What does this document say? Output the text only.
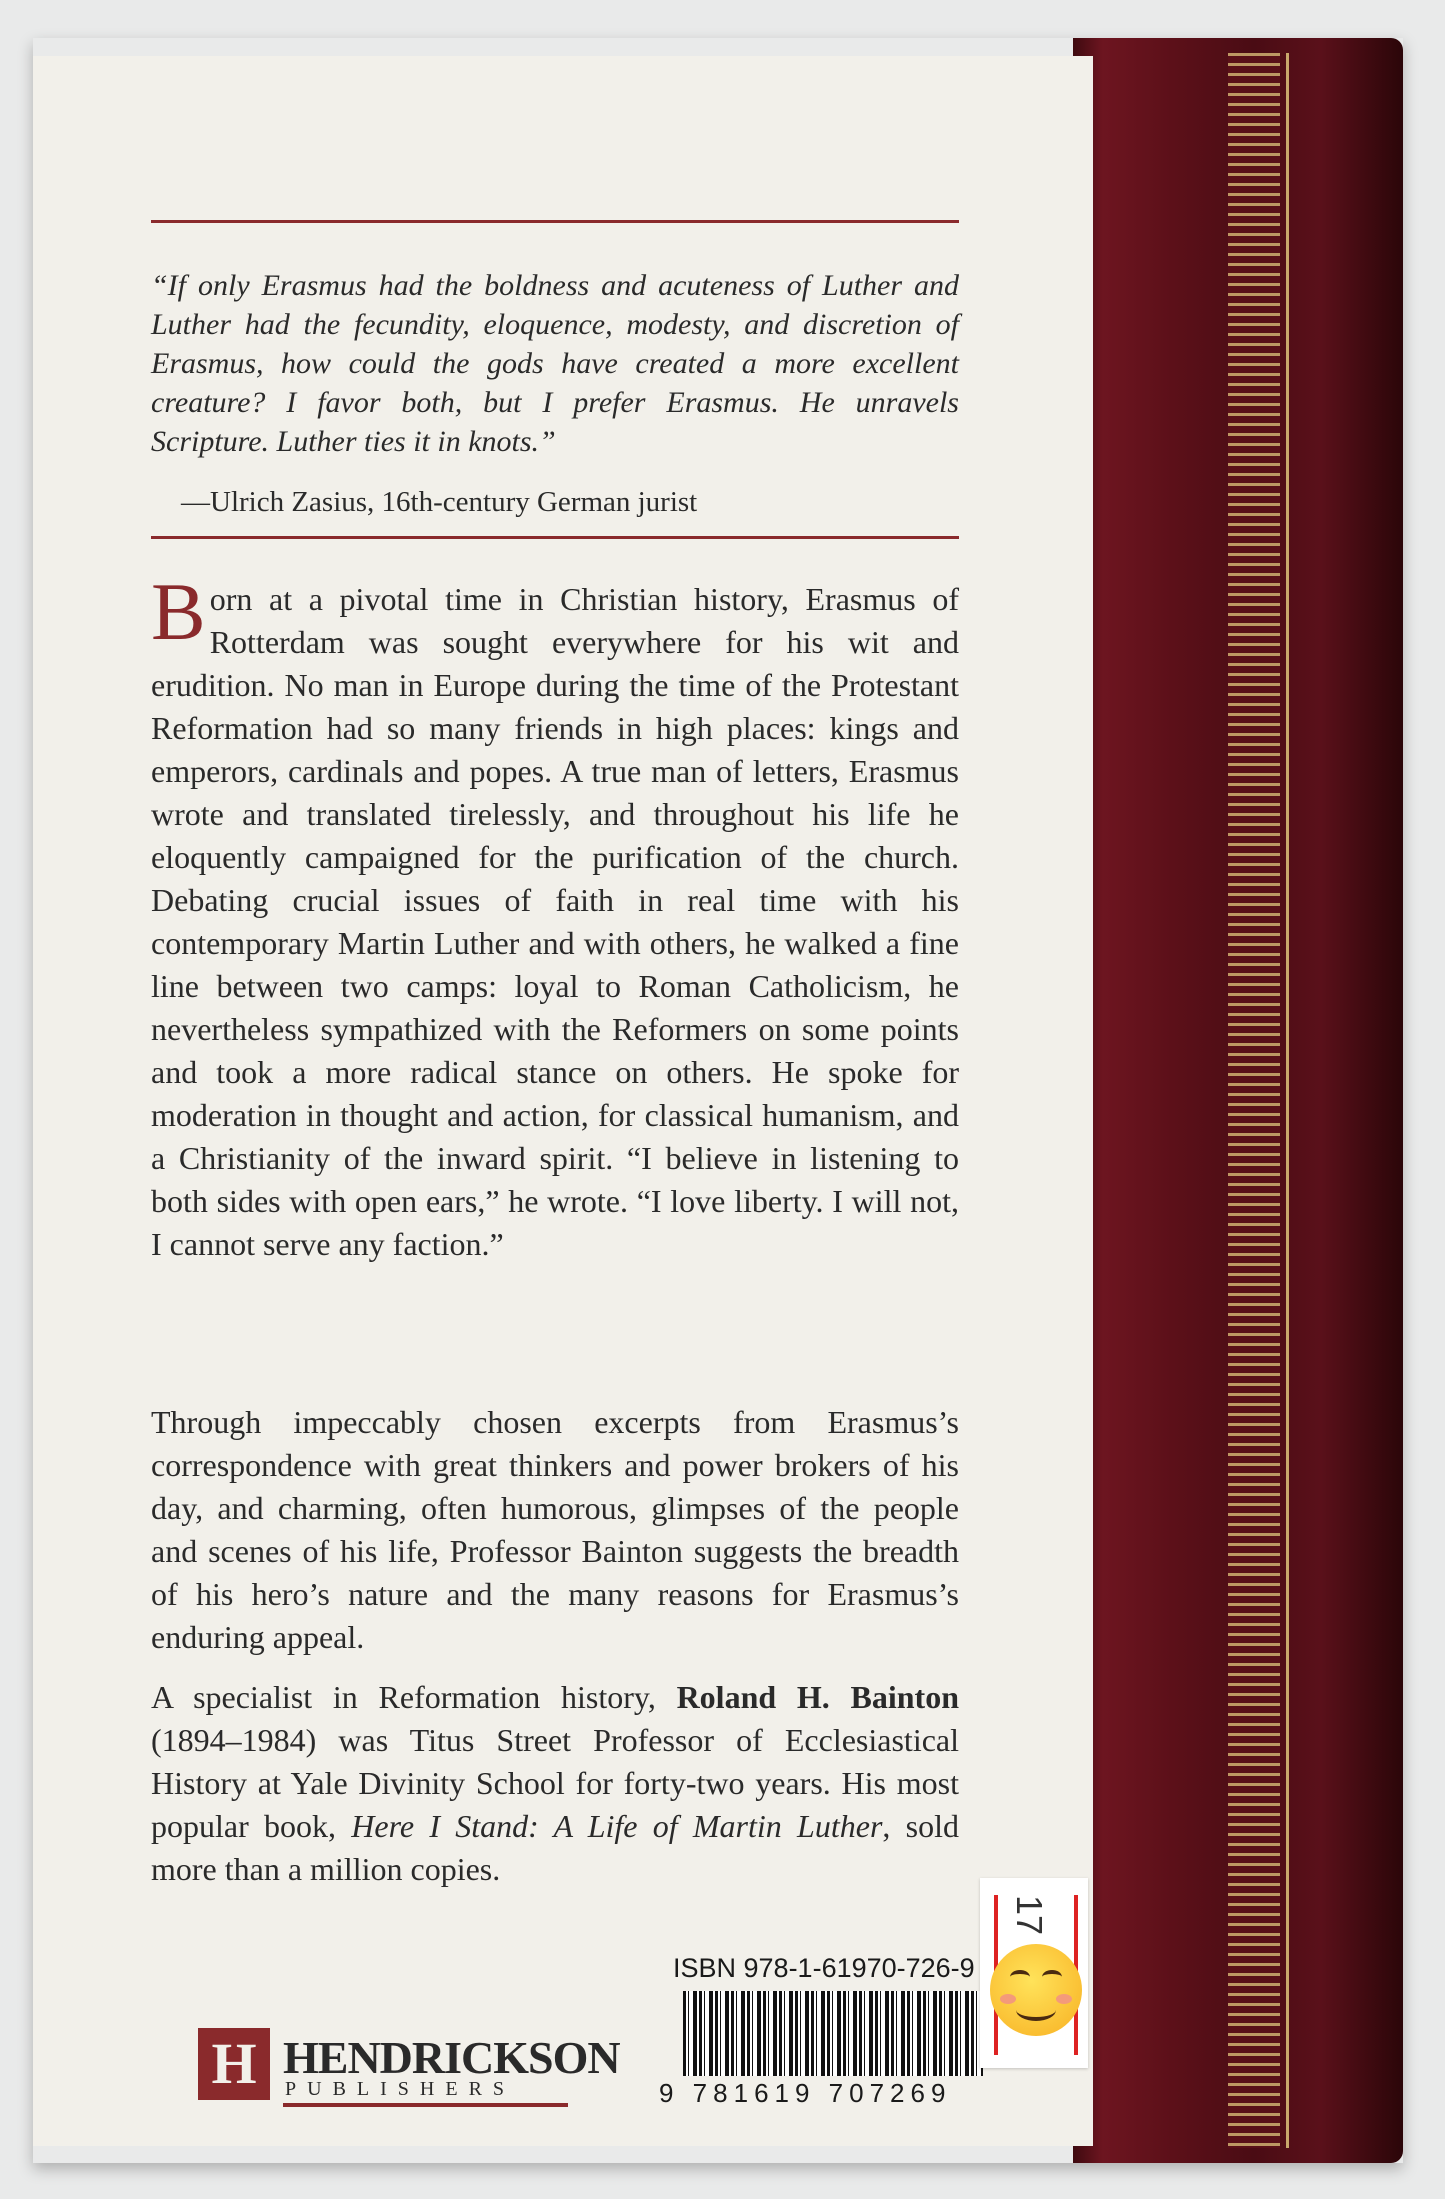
“If only Erasmus had the boldness and acuteness of Luther and Luther had the fecundity, eloquence, modesty, and discretion of Erasmus, how could the gods have created a more excellent creature? I favor both, but I prefer Erasmus. He unravels Scripture. Luther ties it in knots.”
—Ulrich Zasius, 16th-century German jurist
B orn at a pivotal time in Christian history, Erasmus of Rotterdam was sought everywhere for his wit and erudition. No man in Europe during the time of the Protestant Reformation had so many friends in high places: kings and emperors, cardinals and popes. A true man of letters, Erasmus wrote and translated tirelessly, and throughout his life he eloquently campaigned for the purification of the church. Debating crucial issues of faith in real time with his contemporary Martin Luther and with others, he walked a fine line between two camps: loyal to Roman Catholicism, he nevertheless sympathized with the Reformers on some points and took a more radical stance on others. He spoke for moderation in thought and action, for classical humanism, and a Christianity of the inward spirit. “I believe in listening to both sides with open ears,” he wrote. “I love liberty. I will not, I cannot serve any faction.”
Through impeccably chosen excerpts from Erasmus’s correspondence with great thinkers and power brokers of his day, and charming, often humorous, glimpses of the people and scenes of his life, Professor Bainton suggests the breadth of his hero’s nature and the many reasons for Erasmus’s enduring appeal.
A specialist in Reformation history, Roland H. Bainton (1894–1984) was Titus Street Professor of Ecclesiastical History at Yale Divinity School for forty-two years. His most popular book, Here I Stand: A Life of Martin Luther, sold more than a million copies.
H HENDRICKSON
PUBLISHERS
ISBN 978-1-61970-726-9
9 781619 707269
17
